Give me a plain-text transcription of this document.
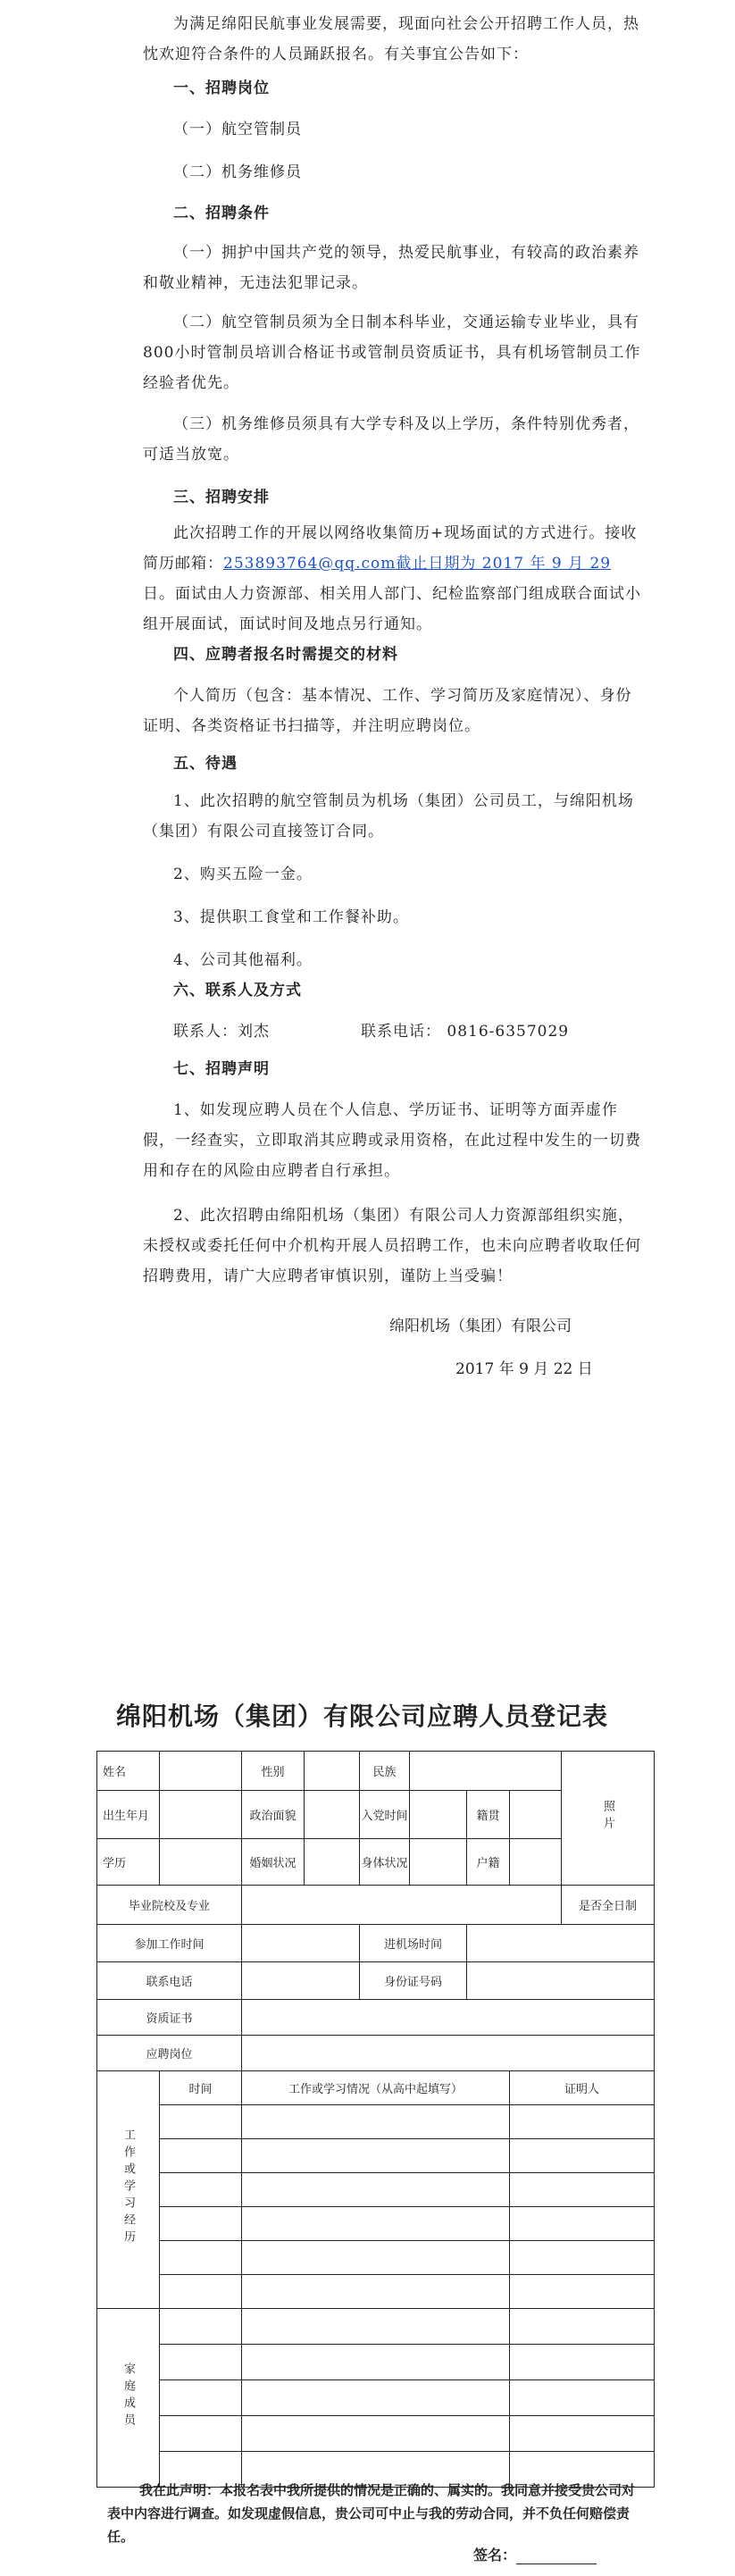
为满足绵阳民航事业发展需要，现面向社会公开招聘工作人员，热忱欢迎符合条件的人员踊跃报名。有关事宜公告如下：

一、招聘岗位

（一）航空管制员

（二）机务维修员

二、招聘条件

（一）拥护中国共产党的领导，热爱民航事业，有较高的政治素养和敬业精神，无违法犯罪记录。

（二）航空管制员须为全日制本科毕业，交通运输专业毕业，具有800小时管制员培训合格证书或管制员资质证书，具有机场管制员工作经验者优先。

（三）机务维修员须具有大学专科及以上学历，条件特别优秀者，可适当放宽。

三、招聘安排

此次招聘工作的开展以网络收集简历+现场面试的方式进行。接收简历邮箱：253893764@qq.com截止日期为 2017 年 9 月 29日。面试由人力资源部、相关用人部门、纪检监察部门组成联合面试小组开展面试，面试时间及地点另行通知。

四、应聘者报名时需提交的材料

个人简历（包含：基本情况、工作、学习简历及家庭情况）、身份证明、各类资格证书扫描等，并注明应聘岗位。

五、待遇

1、此次招聘的航空管制员为机场（集团）公司员工，与绵阳机场（集团）有限公司直接签订合同。

2、购买五险一金。

3、提供职工食堂和工作餐补助。

4、公司其他福利。

六、联系人及方式

联系人：刘杰	联系电话： 0816-6357029

七、招聘声明

1、如发现应聘人员在个人信息、学历证书、证明等方面弄虚作假，一经查实，立即取消其应聘或录用资格，在此过程中发生的一切费用和存在的风险由应聘者自行承担。

2、此次招聘由绵阳机场（集团）有限公司人力资源部组织实施，未授权或委托任何中介机构开展人员招聘工作，也未向应聘者收取任何招聘费用，请广大应聘者审慎识别，谨防上当受骗！

绵阳机场（集团）有限公司

2017 年 9 月 22 日

绵阳机场（集团）有限公司应聘人员登记表
姓名		性别		民族				照片
出生年月		政治面貌		入党时间		籍贯		
学历		婚姻状况		身体状况		户籍		
毕业院校及专业								是否全日制
参加工作时间				进机场时间				
联系电话				身份证号码				
资质证书								
应聘岗位								
工作或学习经历	时间	工作或学习情况（从高中起填写）					证明人	

家庭成员								

我在此声明：本报名表中我所提供的情况是正确的、属实的。我同意并接受贵公司对表中内容进行调查。如发现虚假信息，贵公司可中止与我的劳动合同，并不负任何赔偿责任。

签名：
